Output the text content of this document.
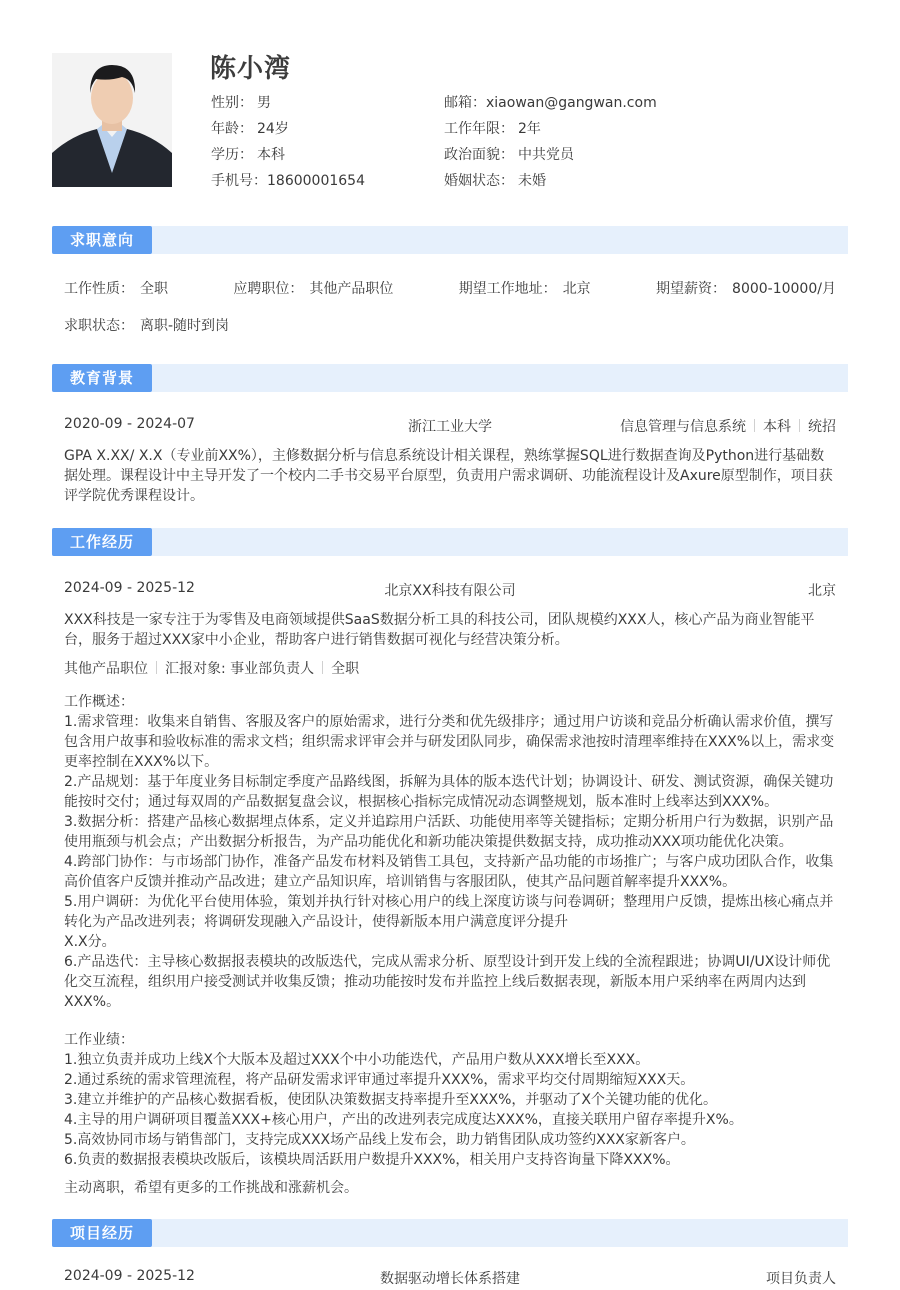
陈小湾
性别： 男
年龄： 24岁
学历： 本科
手机号：18600001654
邮箱：xiaowan@gangwan.com
工作年限： 2年
政治面貌： 中共党员
婚姻状态： 未婚
求职意向
工作性质： 全职	应聘职位： 其他产品职位	期望工作地址： 北京	期望薪资： 8000-10000/月
求职状态： 离职-随时到岗
教育背景
2020-09 - 2024-07	浙江工业大学	信息管理与信息系统 本科 统招
GPA X.XX/ X.X（专业前XX%），主修数据分析与信息系统设计相关课程，熟练掌握SQL进行数据查询及Python进行基础数据处理。课程设计中主导开发了一个校内二手书交易平台原型，负责用户需求调研、功能流程设计及Axure原型制作，项目获评学院优秀课程设计。
工作经历
2024-09 - 2025-12	北京XX科技有限公司	北京
XXX科技是一家专注于为零售及电商领域提供SaaS数据分析工具的科技公司，团队规模约XXX人，核心产品为商业智能平台，服务于超过XXX家中小企业，帮助客户进行销售数据可视化与经营决策分析。
其他产品职位 汇报对象: 事业部负责人 全职

工作概述：

1.需求管理：收集来自销售、客服及客户的原始需求，进行分类和优先级排序；通过用户访谈和竞品分析确认需求价值，撰写包含用户故事和验收标准的需求文档；组织需求评审会并与研发团队同步，确保需求池按时清理率维持在XXX%以上，需求变更率控制在XXX%以下。

2.产品规划：基于年度业务目标制定季度产品路线图，拆解为具体的版本迭代计划；协调设计、研发、测试资源，确保关键功能按时交付；通过每双周的产品数据复盘会议，根据核心指标完成情况动态调整规划，版本准时上线率达到XXX%。

3.数据分析：搭建产品核心数据埋点体系，定义并追踪用户活跃、功能使用率等关键指标；定期分析用户行为数据，识别产品使用瓶颈与机会点；产出数据分析报告，为产品功能优化和新功能决策提供数据支持，成功推动XXX项功能优化决策。

4.跨部门协作：与市场部门协作，准备产品发布材料及销售工具包，支持新产品功能的市场推广；与客户成功团队合作，收集高价值客户反馈并推动产品改进；建立产品知识库，培训销售与客服团队，使其产品问题首解率提升XXX%。

5.用户调研：为优化平台使用体验，策划并执行针对核心用户的线上深度访谈与问卷调研；整理用户反馈，提炼出核心痛点并转化为产品改进列表；将调研发现融入产品设计，使得新版本用户满意度评分提升

X.X分。

6.产品迭代：主导核心数据报表模块的改版迭代，完成从需求分析、原型设计到开发上线的全流程跟进；协调UI/UX设计师优化交互流程，组织用户接受测试并收集反馈；推动功能按时发布并监控上线后数据表现，新版本用户采纳率在两周内达到XXX%。

工作业绩：

1.独立负责并成功上线X个大版本及超过XXX个中小功能迭代，产品用户数从XXX增长至XXX。

2.通过系统的需求管理流程，将产品研发需求评审通过率提升XXX%，需求平均交付周期缩短XXX天。

3.建立并维护的产品核心数据看板，使团队决策数据支持率提升至XXX%，并驱动了X个关键功能的优化。

4.主导的用户调研项目覆盖XXX+核心用户，产出的改进列表完成度达XXX%，直接关联用户留存率提升X%。

5.高效协同市场与销售部门，支持完成XXX场产品线上发布会，助力销售团队成功签约XXX家新客户。

6.负责的数据报表模块改版后，该模块周活跃用户数提升XXX%，相关用户支持咨询量下降XXX%。

主动离职，希望有更多的工作挑战和涨薪机会。
项目经历
2024-09 - 2025-12	数据驱动增长体系搭建	项目负责人
